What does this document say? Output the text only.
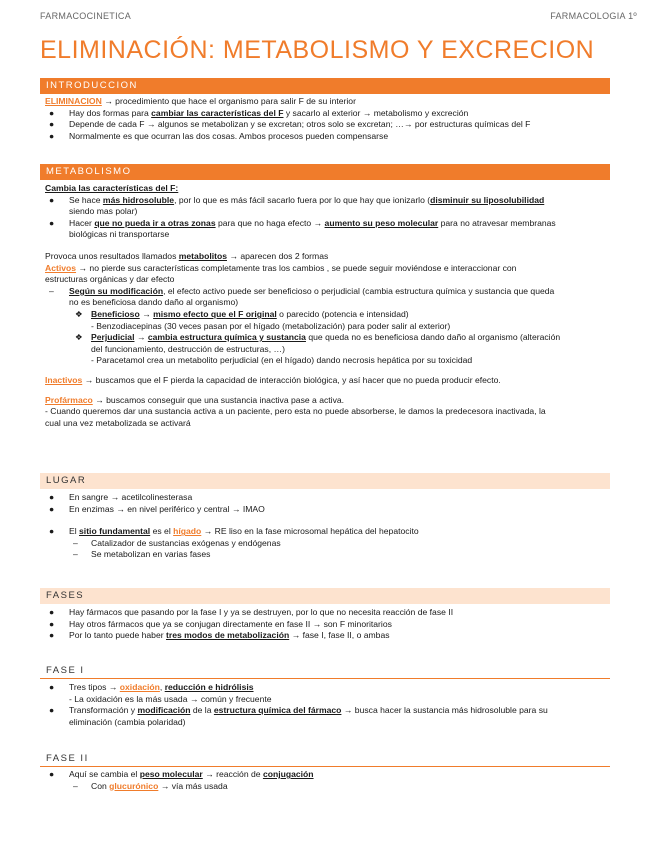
FARMACOCINETICA	FARMACOLOGIA 1º
ELIMINACIÓN: METABOLISMO Y EXCRECION
INTRODUCCION
ELIMINACION → procedimiento que hace el organismo para salir F de su interior
● Hay dos formas para cambiar las características del F y sacarlo al exterior → metabolismo y excreción
● Depende de cada F → algunos se metabolizan y se excretan; otros solo se excretan; …→ por estructuras químicas del F
● Normalmente es que ocurran las dos cosas. Ambos procesos pueden compensarse
METABOLISMO
Cambia las características del F:
● Se hace más hidrosoluble, por lo que es más fácil sacarlo fuera por lo que hay que ionizarlo (disminuir su liposolubilidad
siendo mas polar)
● Hacer que no pueda ir a otras zonas para que no haga efecto → aumento su peso molecular para no atravesar membranas
biológicas ni transportarse
Provoca unos resultados llamados metabolitos → aparecen dos 2 formas
Activos → no pierde sus características completamente tras los cambios , se puede seguir moviéndose e interaccionar con
estructuras orgánicas y dar efecto
– Según su modificación, el efecto activo puede ser beneficioso o perjudicial (cambia estructura química y sustancia que queda
no es beneficiosa dando daño al organismo)
❖ Beneficioso → mismo efecto que el F original o parecido (potencia e intensidad)
- Benzodiacepinas (30 veces pasan por el hígado (metabolización) para poder salir al exterior)
❖ Perjudicial → cambia estructura química y sustancia que queda no es beneficiosa dando daño al organismo (alteración
del funcionamiento, destrucción de estructuras, …)
- Paracetamol crea un metabolito perjudicial (en el hígado) dando necrosis hepática por su toxicidad
Inactivos → buscamos que el F pierda la capacidad de interacción biológica, y así hacer que no pueda producir efecto.
Profármaco → buscamos conseguir que una sustancia inactiva pase a activa.
- Cuando queremos dar una sustancia activa a un paciente, pero esta no puede absorberse, le damos la predecesora inactivada, la
cual una vez metabolizada se activará
LUGAR
● En sangre → acetilcolinesterasa
● En enzimas → en nivel periférico y central → IMAO
● El sitio fundamental es el hígado → RE liso en la fase microsomal hepática del hepatocito
– Catalizador de sustancias exógenas y endógenas
– Se metabolizan en varias fases
FASES
● Hay fármacos que pasando por la fase I y ya se destruyen, por lo que no necesita reacción de fase II
● Hay otros fármacos que ya se conjugan directamente en fase II → son F minoritarios
● Por lo tanto puede haber tres modos de metabolización → fase I, fase II, o ambas
FASE I
● Tres tipos → oxidación, reducción e hidrólisis
- La oxidación es la más usada → común y frecuente
● Transformación y modificación de la estructura química del fármaco → busca hacer la sustancia más hidrosoluble para su
eliminación (cambia polaridad)
FASE II
● Aquí se cambia el peso molecular → reacción de conjugación
– Con glucurónico → vía más usada
